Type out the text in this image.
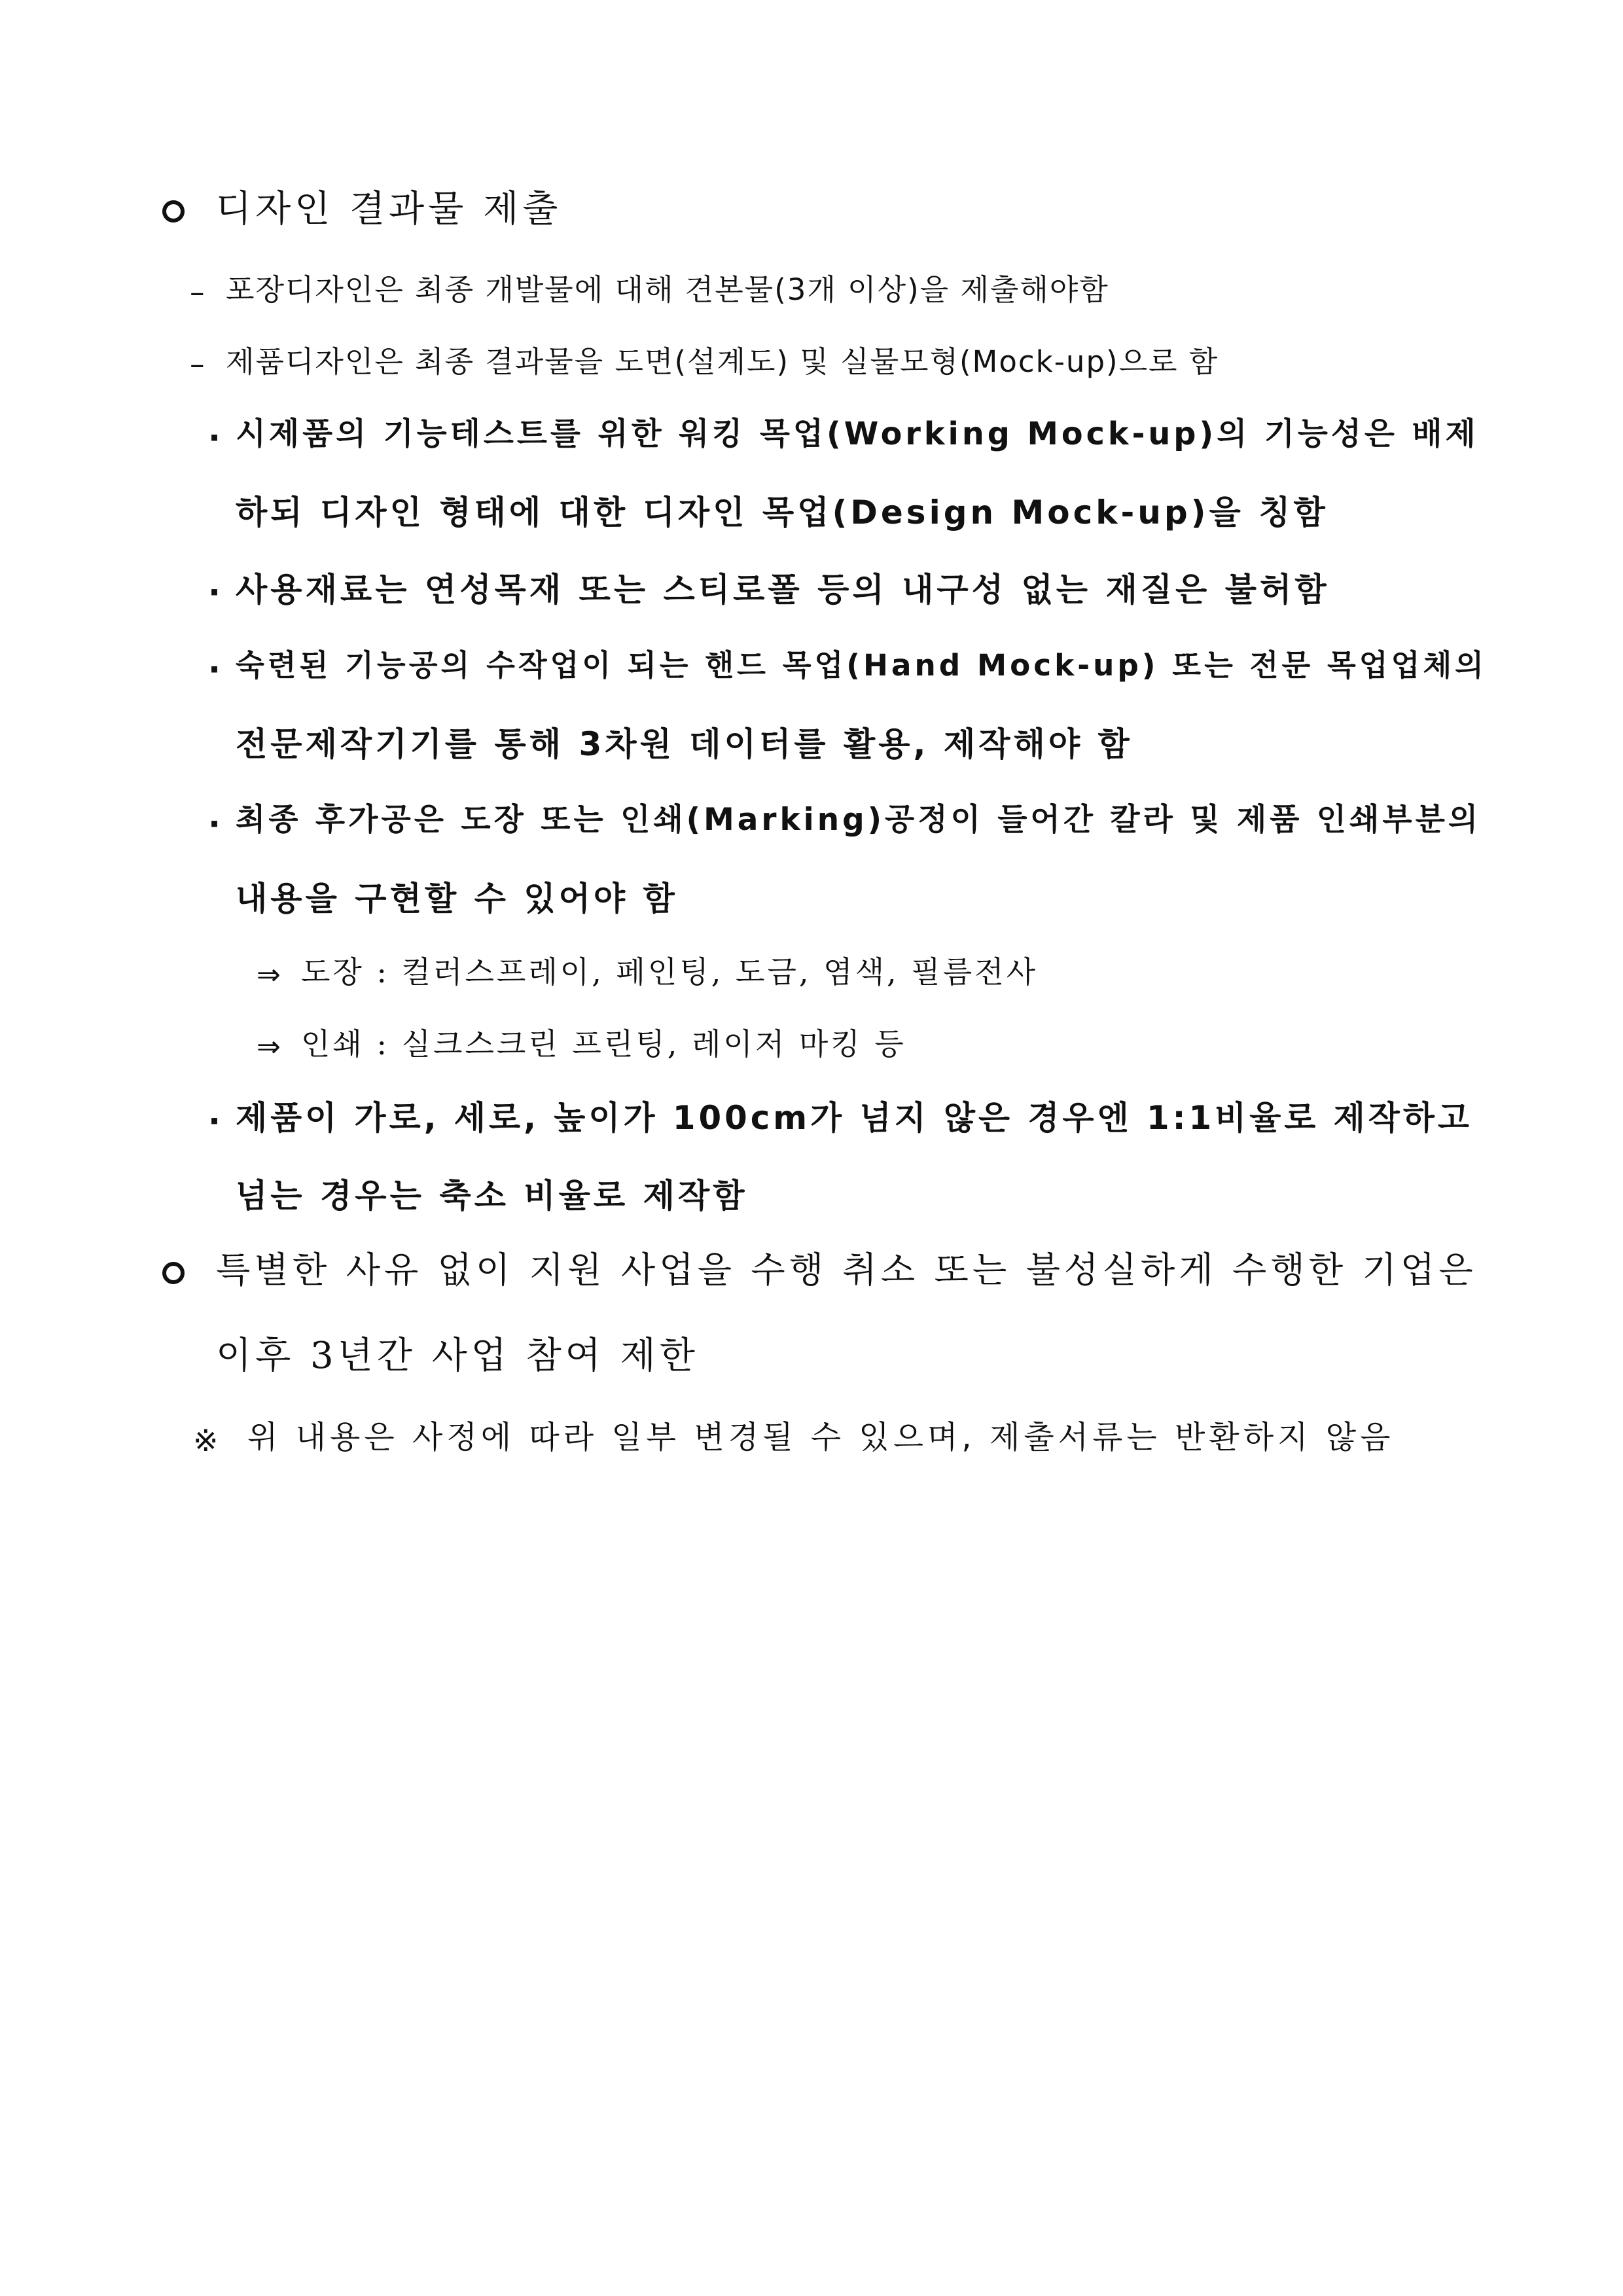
디자인 결과물 제출
– 포장디자인은 최종 개발물에 대해 견본물(3개 이상)을 제출해야함
– 제품디자인은 최종 결과물을 도면(설계도) 및 실물모형(Mock-up)으로 함
· 시제품의 기능테스트를 위한 워킹 목업(Working Mock-up)의 기능성은 배제
하되 디자인 형태에 대한 디자인 목업(Design Mock-up)을 칭함
· 사용재료는 연성목재 또는 스티로폴 등의 내구성 없는 재질은 불허함
· 숙련된 기능공의 수작업이 되는 핸드 목업(Hand Mock-up) 또는 전문 목업업체의
전문제작기기를 통해 3차원 데이터를 활용, 제작해야 함
· 최종 후가공은 도장 또는 인쇄(Marking)공정이 들어간 칼라 및 제품 인쇄부분의
내용을 구현할 수 있어야 함
⇒ 도장 : 컬러스프레이, 페인팅, 도금, 염색, 필름전사
⇒ 인쇄 : 실크스크린 프린팅, 레이저 마킹 등
· 제품이 가로, 세로, 높이가 100cm가 넘지 않은 경우엔 1:1비율로 제작하고
넘는 경우는 축소 비율로 제작함
특별한 사유 없이 지원 사업을 수행 취소 또는 불성실하게 수행한 기업은
이후 3년간 사업 참여 제한
※ 위 내용은 사정에 따라 일부 변경될 수 있으며, 제출서류는 반환하지 않음
